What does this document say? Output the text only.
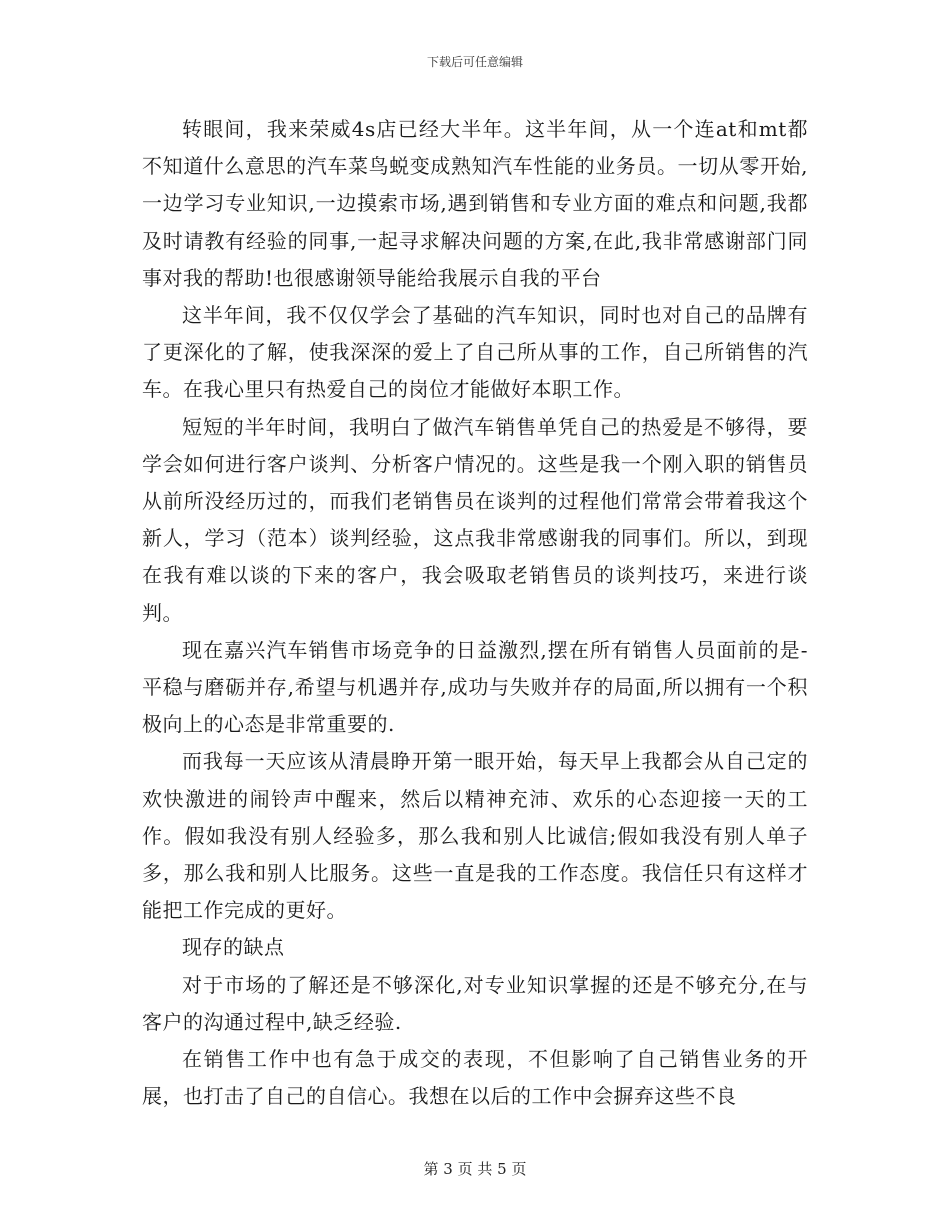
下载后可任意编辑

转眼间，我来荣威4s店已经大半年。这半年间，从一个连at和mt都不知道什么意思的汽车菜鸟蜕变成熟知汽车性能的业务员。一切从零开始,一边学习专业知识,一边摸索市场,遇到销售和专业方面的难点和问题,我都及时请教有经验的同事,一起寻求解决问题的方案,在此,我非常感谢部门同事对我的帮助!也很感谢领导能给我展示自我的平台

这半年间，我不仅仅学会了基础的汽车知识，同时也对自己的品牌有了更深化的了解，使我深深的爱上了自己所从事的工作，自己所销售的汽车。在我心里只有热爱自己的岗位才能做好本职工作。

短短的半年时间，我明白了做汽车销售单凭自己的热爱是不够得，要学会如何进行客户谈判、分析客户情况的。这些是我一个刚入职的销售员从前所没经历过的，而我们老销售员在谈判的过程他们常常会带着我这个新人，学习（范本）谈判经验，这点我非常感谢我的同事们。所以，到现在我有难以谈的下来的客户，我会吸取老销售员的谈判技巧，来进行谈判。

现在嘉兴汽车销售市场竞争的日益激烈,摆在所有销售人员面前的是-平稳与磨砺并存,希望与机遇并存,成功与失败并存的局面,所以拥有一个积极向上的心态是非常重要的.

而我每一天应该从清晨睁开第一眼开始，每天早上我都会从自己定的欢快激进的闹铃声中醒来，然后以精神充沛、欢乐的心态迎接一天的工作。假如我没有别人经验多，那么我和别人比诚信;假如我没有别人单子多，那么我和别人比服务。这些一直是我的工作态度。我信任只有这样才能把工作完成的更好。

现存的缺点

对于市场的了解还是不够深化,对专业知识掌握的还是不够充分,在与客户的沟通过程中,缺乏经验.

在销售工作中也有急于成交的表现，不但影响了自己销售业务的开展，也打击了自己的自信心。我想在以后的工作中会摒弃这些不良

第 3 页 共 5 页
